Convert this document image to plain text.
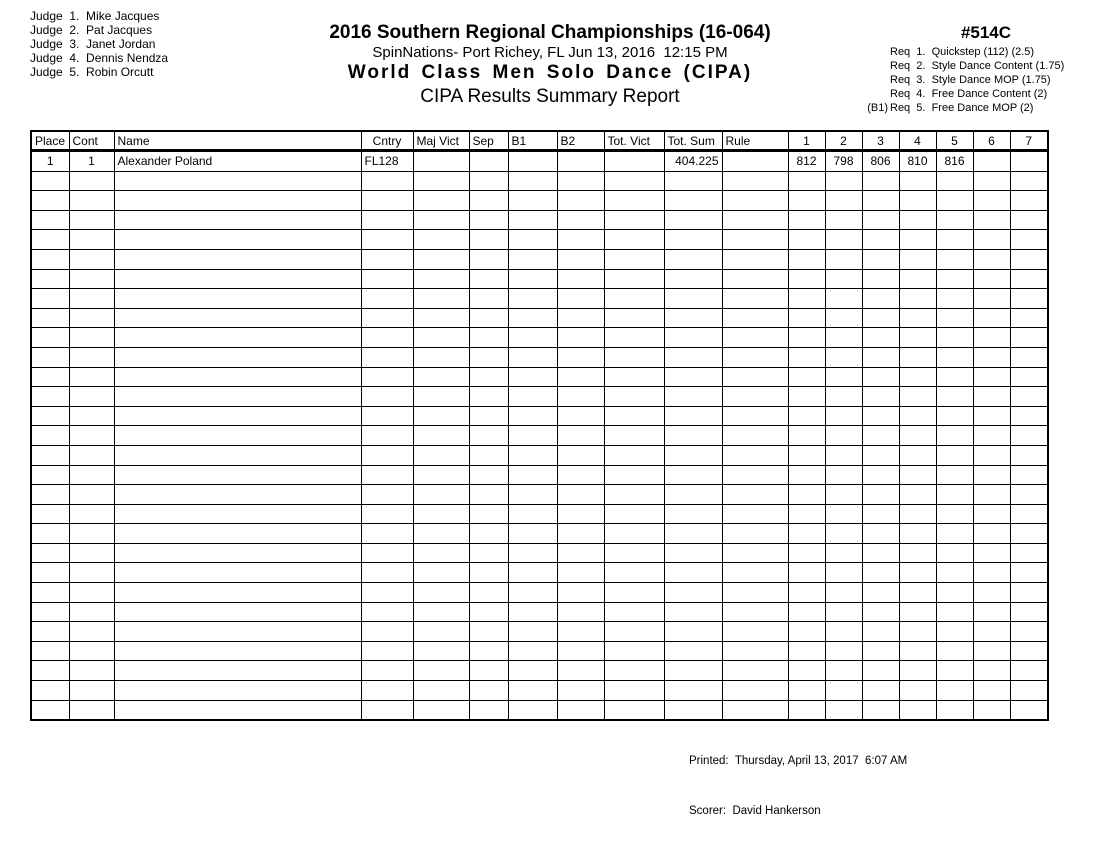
Judge  1.  Mike Jacques
Judge  2.  Pat Jacques
Judge  3.  Janet Jordan
Judge  4.  Dennis Nendza
Judge  5.  Robin Orcutt
2016 Southern Regional Championships (16-064)
SpinNations- Port Richey, FL Jun 13, 2016  12:15 PM
World Class Men Solo Dance (CIPA)
CIPA Results Summary Report
#514C
Req  1.  Quickstep (112) (2.5)
Req  2.  Style Dance Content (1.75)
Req  3.  Style Dance MOP (1.75)
Req  4.  Free Dance Content (2)
(B1) Req  5.  Free Dance MOP (2)
Place	Cont	Name	Cntry	Maj Vict	Sep	B1	B2	Tot. Vict	Tot. Sum	Rule	1	2	3	4	5	6	7
1	1	Alexander Poland	FL128						404.225		812	798	806	810	816		

Printed:  Thursday, April 13, 2017  6:07 AM

Scorer:  David Hankerson
